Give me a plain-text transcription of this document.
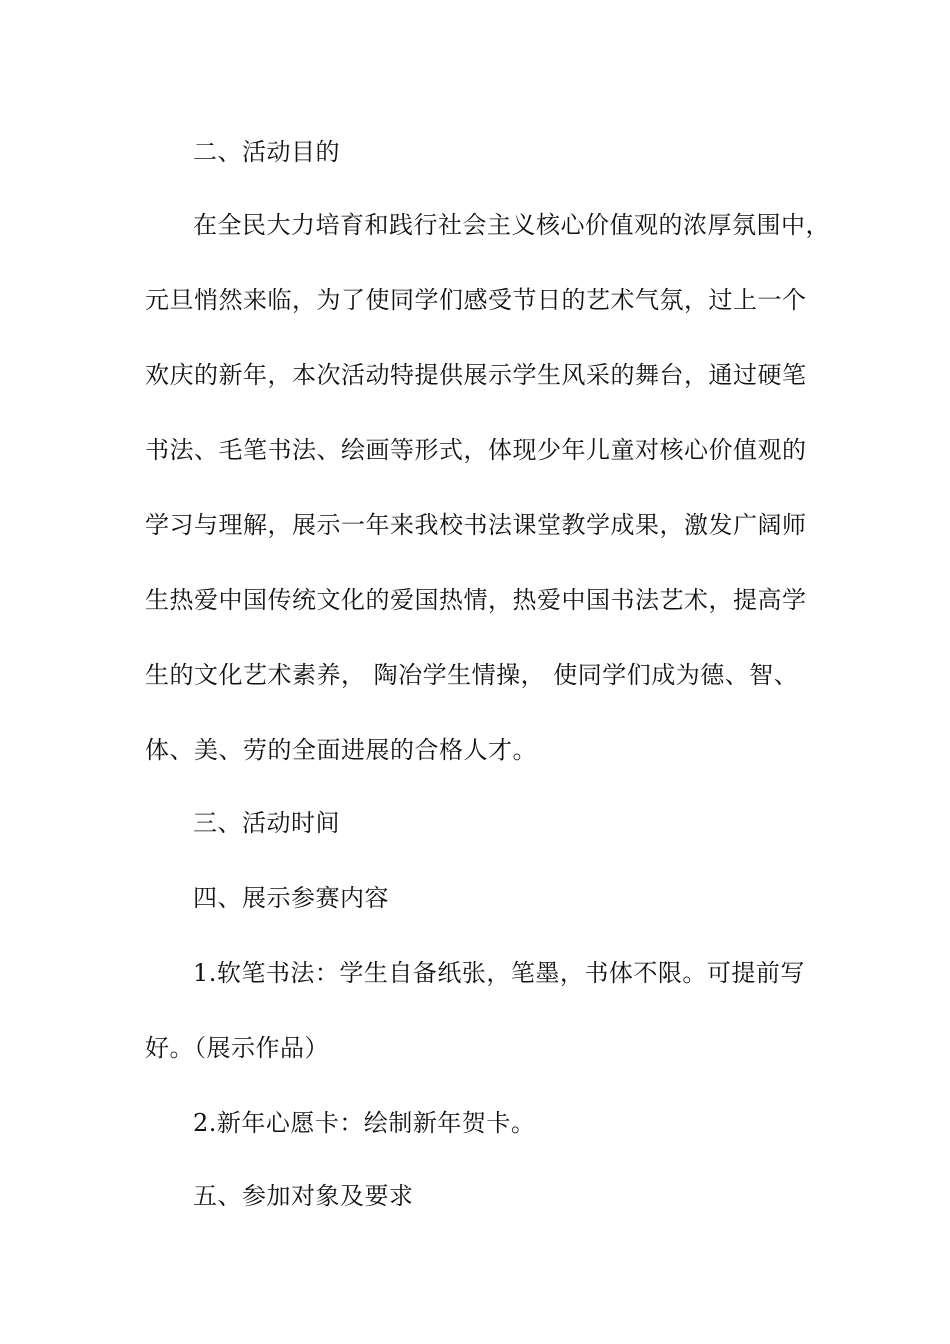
二、活动目的
在全民大力培育和践行社会主义核心价值观的浓厚氛围中，
元旦悄然来临，为了使同学们感受节日的艺术气氛，过上一个
欢庆的新年，本次活动特提供展示学生风采的舞台，通过硬笔
书法、毛笔书法、绘画等形式，体现少年儿童对核心价值观的
学习与理解，展示一年来我校书法课堂教学成果，激发广阔师
生热爱中国传统文化的爱国热情，热爱中国书法艺术，提高学
生的文化艺术素养， 陶冶学生情操， 使同学们成为德、智、
体、美、劳的全面进展的合格人才。
三、活动时间
四、展示参赛内容
1.软笔书法：学生自备纸张，笔墨，书体不限。可提前写
好。（展示作品）
2.新年心愿卡：绘制新年贺卡。
五、参加对象及要求
